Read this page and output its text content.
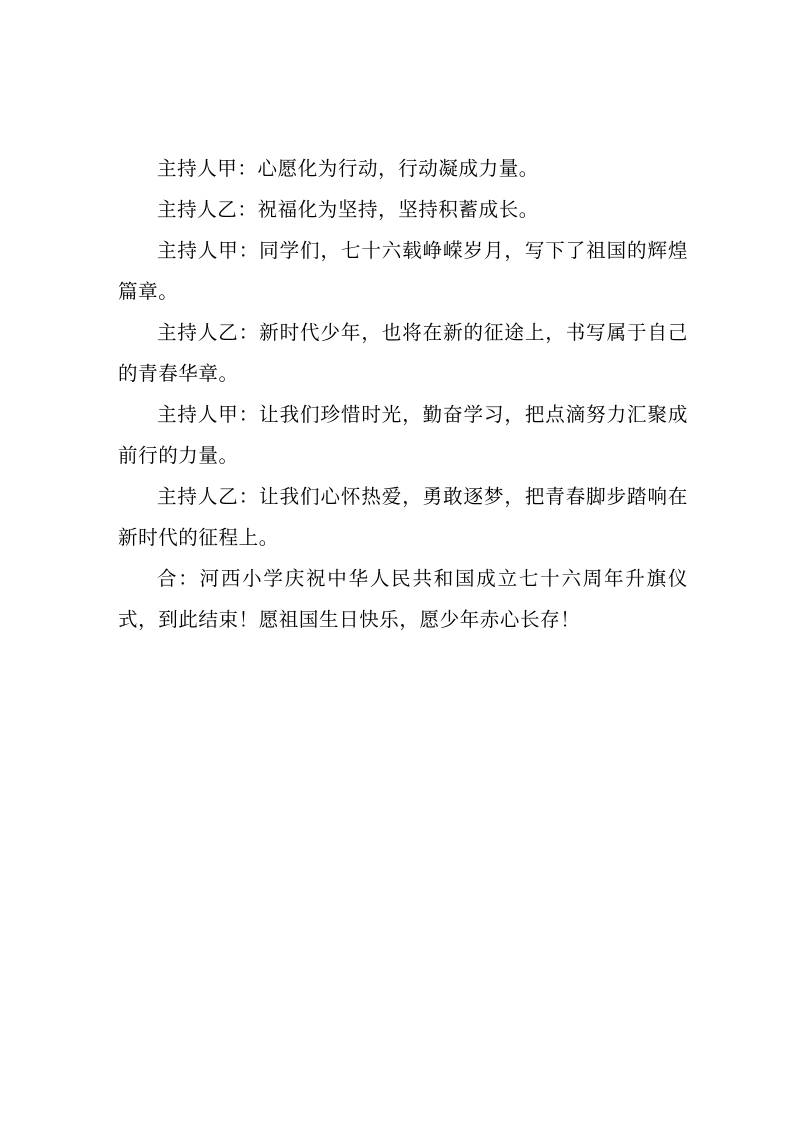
主持人甲：心愿化为行动，行动凝成力量。

主持人乙：祝福化为坚持，坚持积蓄成长。

主持人甲：同学们，七十六载峥嵘岁月，写下了祖国的辉煌篇章。

主持人乙：新时代少年，也将在新的征途上，书写属于自己的青春华章。

主持人甲：让我们珍惜时光，勤奋学习，把点滴努力汇聚成前行的力量。

主持人乙：让我们心怀热爱，勇敢逐梦，把青春脚步踏响在新时代的征程上。

合：河西小学庆祝中华人民共和国成立七十六周年升旗仪式，到此结束！愿祖国生日快乐，愿少年赤心长存！
